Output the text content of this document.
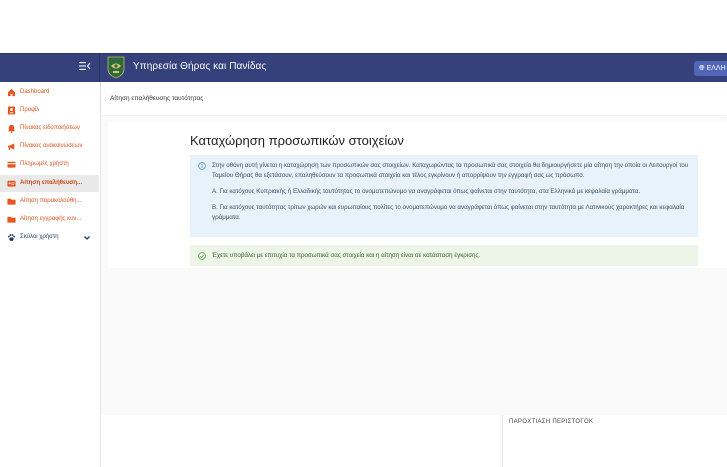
Υπηρεσία Θήρας και Πανίδας	🌐︎ ΕΛΛΗ
Dashboard
Προφίλ
Πίνακας ειδοποιήσεων
Πίνακας ανακοινώσεων
Πληρωμές χρήστη
Αίτηση επαλήθευση...
Αίτηση παρακολούθη...
Αίτηση εγγραφής κυν...
Σκύλοι χρήστη
Αίτηση επαλήθευσης ταυτότητας
Καταχώρηση προσωπικών στοιχείων

Στην οθόνη αυτή γίνεται η καταχώρηση των προσωπικών σας στοιχείων. Καταχωρώντας τα προσωπικά σας στοιχεία θα δημιουργήσετε μία αίτηση την οποία οι Λειτουργοί του Ταμείου Θήρας θα εξετάσουν, επαληθεύσουν τα προσωπικά στοιχεία και τέλος εγκρίνουν ή απορρίψουν την εγγραφή σας ως πρόσωπο.

Α. Για κατόχους Κυπριακής ή Ελλαδικής ταυτότητας το ονοματεπώνυμο να αναγράφεται όπως φαίνεται στην ταυτότητα, στα Ελληνικά με κεφαλαία γράμματα.

Β. Για κατόχους ταυτότητας τρίτων χωρών και ευρωπαίους πολίτες το ονοματεπώνυμο να αναγράφεται όπως φαίνεται στην ταυτότητα με Λατινικούς χαρακτήρες και κεφαλαία γράμματα.

Έχετε υποβάλει με επιτυχία τα προσωπικά σας στοιχεία και η αίτηση είναι σε κατάσταση έγκρισης.
ΠΑΡΟΧΤΙΑΣΗ ΠΕΡΙΣΤΟΓΟΚ
